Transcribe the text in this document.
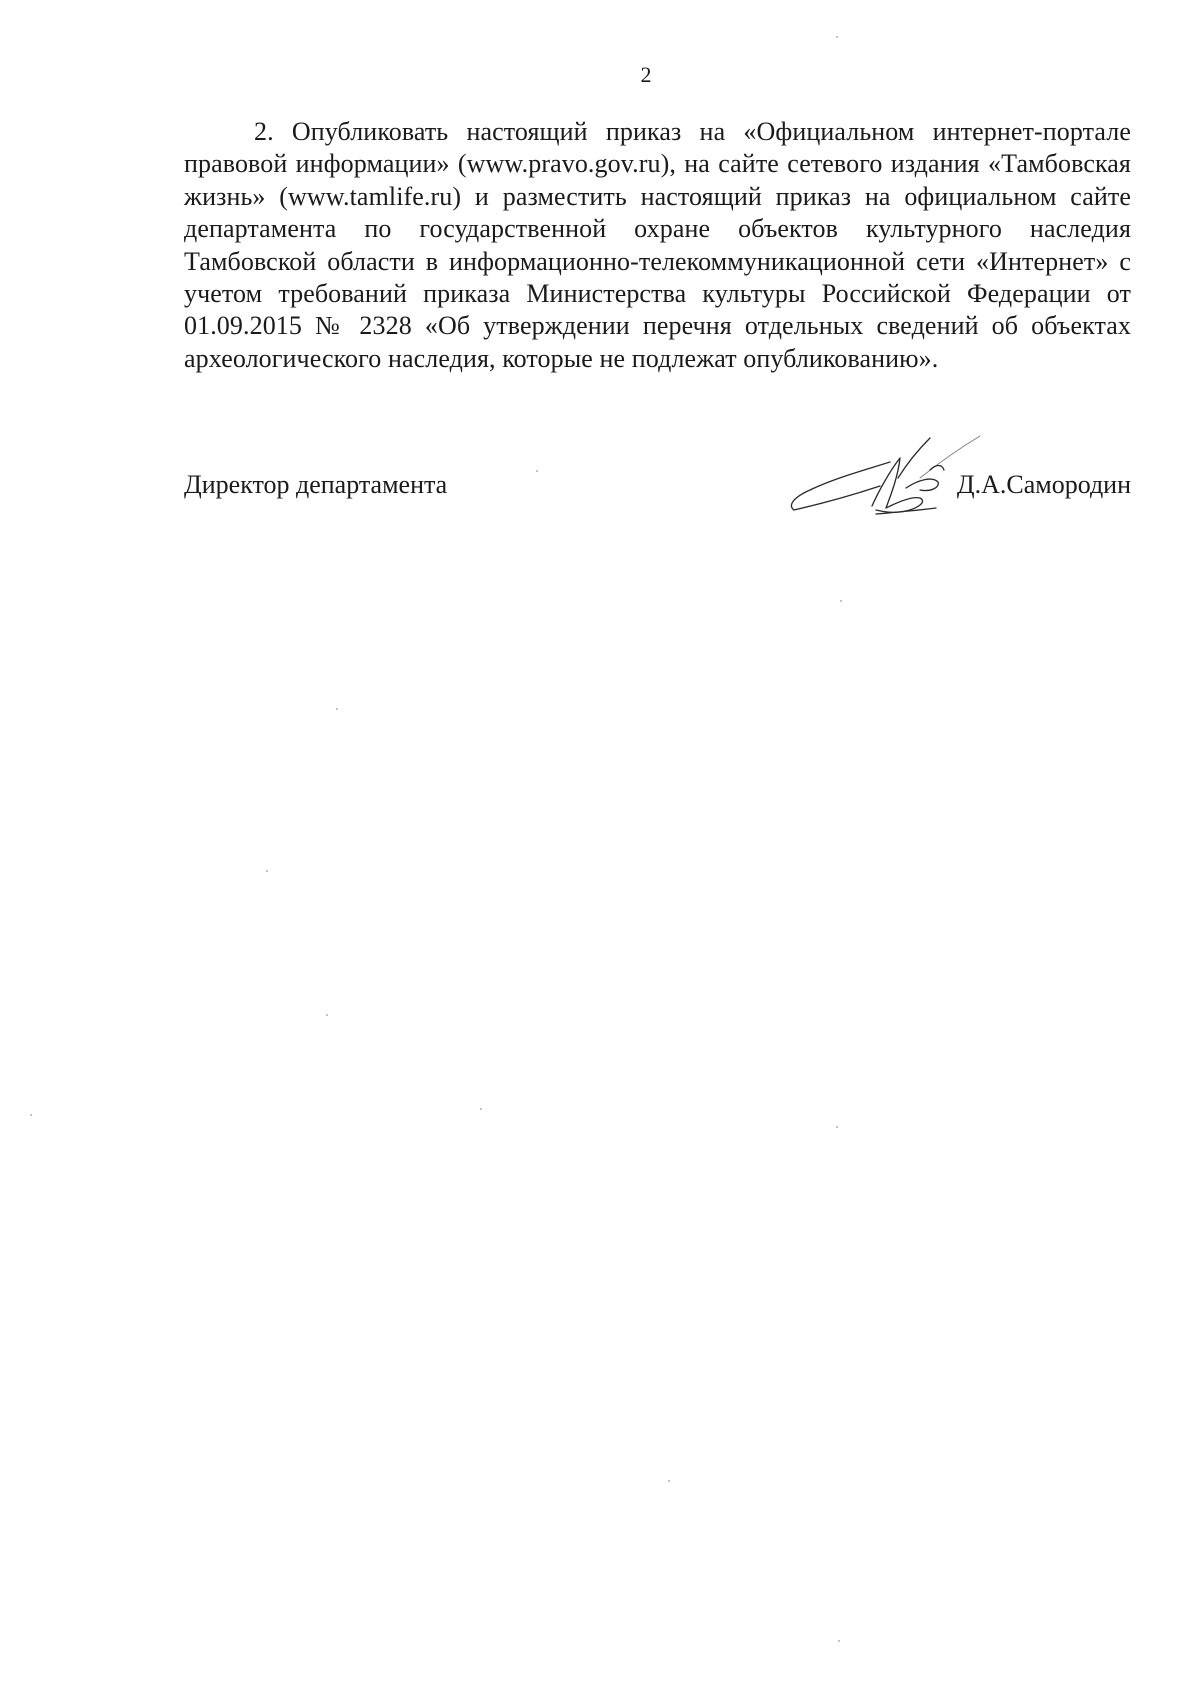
2

2. Опубликовать настоящий приказ на «Официальном интернет-портале правовой информации» (www.pravo.gov.ru), на сайте сетевого издания «Тамбовская жизнь» (www.tamlife.ru) и разместить настоящий приказ на официальном сайте департамента по государственной охране объектов культурного наследия Тамбовской области в информационно-телекоммуникационной сети «Интернет» с учетом требований приказа Министерства культуры Российской Федерации от 01.09.2015 № 2328 «Об утверждении перечня отдельных сведений об объектах археологического наследия, которые не подлежат опубликованию».

Директор департамента	Д.А.Самородин
